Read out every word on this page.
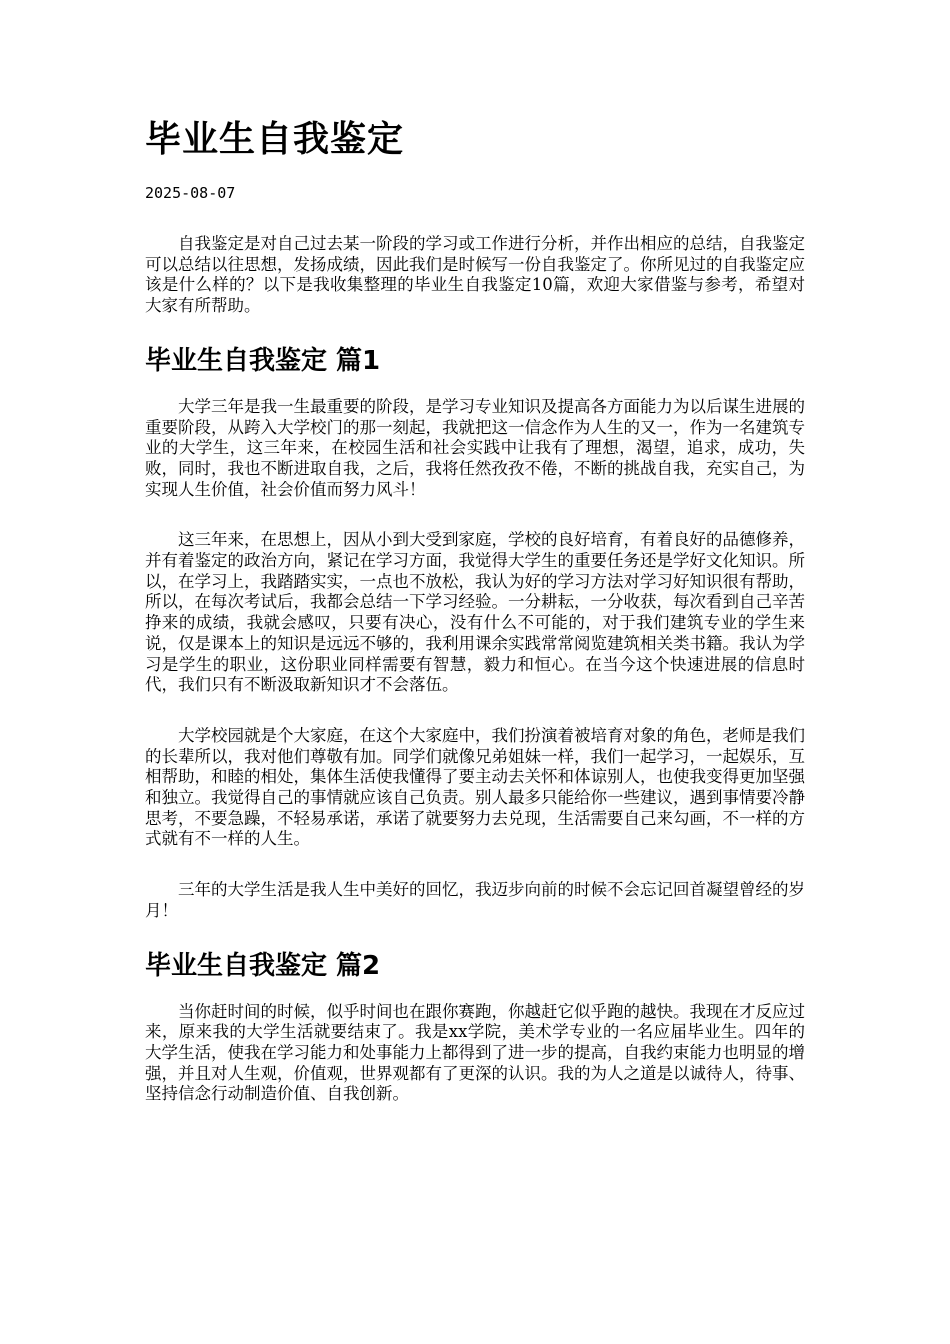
毕业生自我鉴定
2025-08-07

自我鉴定是对自己过去某一阶段的学习或工作进行分析，并作出相应的总结，自我鉴定可以总结以往思想，发扬成绩，因此我们是时候写一份自我鉴定了。你所见过的自我鉴定应该是什么样的？以下是我收集整理的毕业生自我鉴定10篇，欢迎大家借鉴与参考，希望对大家有所帮助。

毕业生自我鉴定 篇1

大学三年是我一生最重要的阶段，是学习专业知识及提高各方面能力为以后谋生进展的重要阶段，从跨入大学校门的那一刻起，我就把这一信念作为人生的又一，作为一名建筑专业的大学生，这三年来，在校园生活和社会实践中让我有了理想，渴望，追求，成功，失败，同时，我也不断进取自我，之后，我将任然孜孜不倦，不断的挑战自我，充实自己，为实现人生价值，社会价值而努力风斗！

这三年来，在思想上，因从小到大受到家庭，学校的良好培育，有着良好的品德修养，并有着鉴定的政治方向，紧记在学习方面，我觉得大学生的重要任务还是学好文化知识。所以，在学习上，我踏踏实实，一点也不放松，我认为好的学习方法对学习好知识很有帮助，所以，在每次考试后，我都会总结一下学习经验。一分耕耘，一分收获，每次看到自己辛苦挣来的成绩，我就会感叹，只要有决心，没有什么不可能的，对于我们建筑专业的学生来说，仅是课本上的知识是远远不够的，我利用课余实践常常阅览建筑相关类书籍。我认为学习是学生的职业，这份职业同样需要有智慧，毅力和恒心。在当今这个快速进展的信息时代，我们只有不断汲取新知识才不会落伍。

大学校园就是个大家庭，在这个大家庭中，我们扮演着被培育对象的角色，老师是我们的长辈所以，我对他们尊敬有加。同学们就像兄弟姐妹一样，我们一起学习，一起娱乐，互相帮助，和睦的相处，集体生活使我懂得了要主动去关怀和体谅别人，也使我变得更加坚强和独立。我觉得自己的事情就应该自己负责。别人最多只能给你一些建议，遇到事情要冷静思考，不要急躁，不轻易承诺，承诺了就要努力去兑现，生活需要自己来勾画，不一样的方式就有不一样的人生。

三年的大学生活是我人生中美好的回忆，我迈步向前的时候不会忘记回首凝望曾经的岁月！

毕业生自我鉴定 篇2

当你赶时间的时候，似乎时间也在跟你赛跑，你越赶它似乎跑的越快。我现在才反应过来，原来我的大学生活就要结束了。我是xx学院，美术学专业的一名应届毕业生。四年的大学生活，使我在学习能力和处事能力上都得到了进一步的提高，自我约束能力也明显的增强，并且对人生观，价值观，世界观都有了更深的认识。我的为人之道是以诚待人，待事、坚持信念行动制造价值、自我创新。
